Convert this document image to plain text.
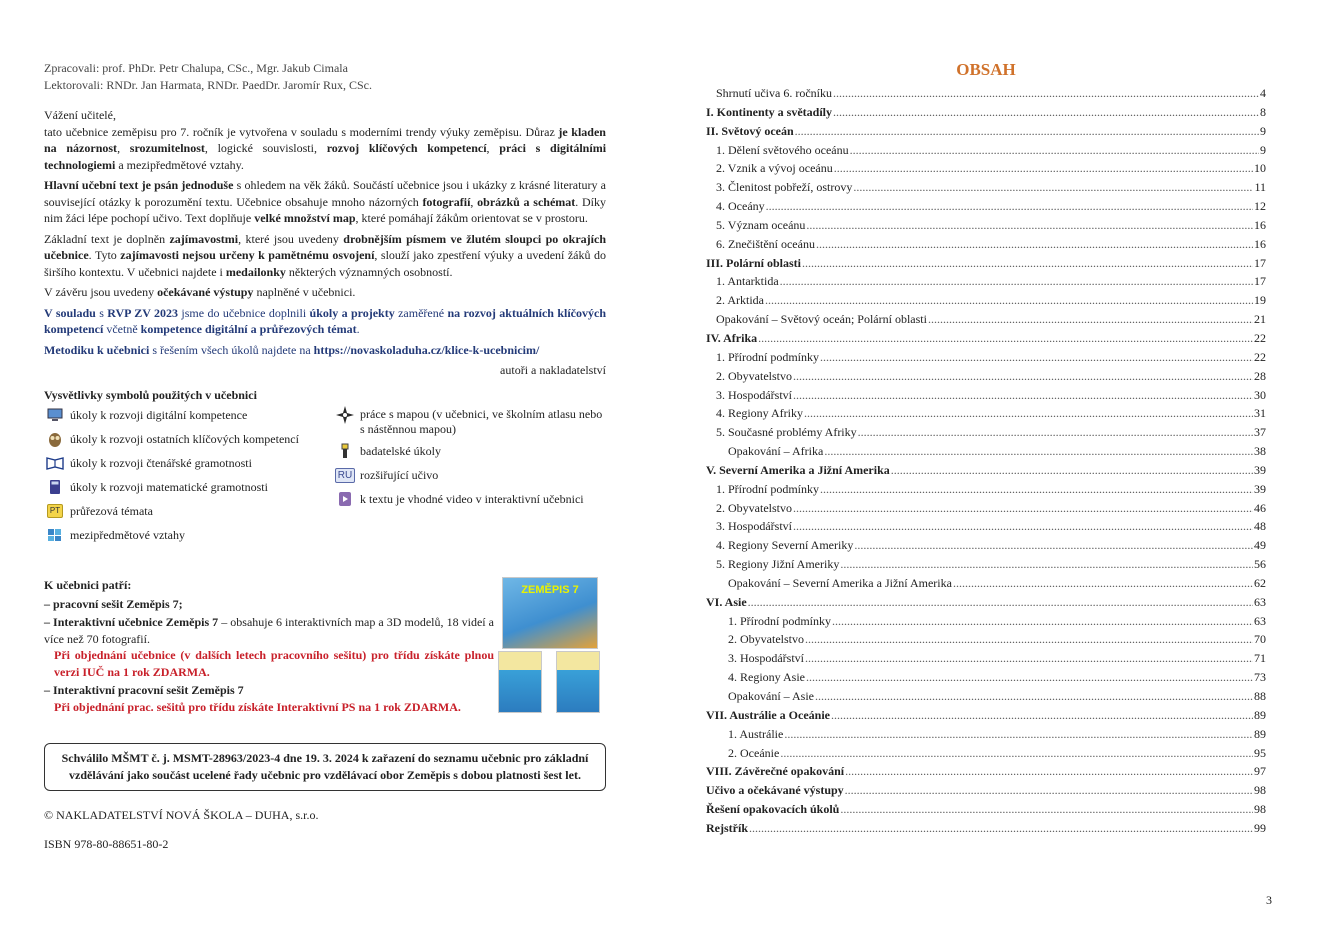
Zpracovali: prof. PhDr. Petr Chalupa, CSc., Mgr. Jakub Cimala
Lektorovali: RNDr. Jan Harmata, RNDr. PaedDr. Jaromír Rux, CSc.
Vážení učitelé,
tato učebnice zeměpisu pro 7. ročník je vytvořena v souladu s moderními trendy výuky zeměpisu. Důraz je kladen na názornost, srozumitelnost, logické souvislosti, rozvoj klíčových kompetencí, práci s digitálními technologiemi a mezipředmětové vztahy.
Hlavní učební text je psán jednoduše s ohledem na věk žáků. Součástí učebnice jsou i ukázky z krásné literatury a související otázky k porozumění textu. Učebnice obsahuje mnoho názorných fotografií, obrázků a schémat. Díky nim žáci lépe pochopí učivo. Text doplňuje velké množství map, které pomáhají žákům orientovat se v prostoru.
Základní text je doplněn zajímavostmi, které jsou uvedeny drobnějším písmem ve žlutém sloupci po okrajích učebnice. Tyto zajímavosti nejsou určeny k pamětnému osvojení, slouží jako zpestření výuky a uvedení žáků do širšího kontextu. V učebnici najdete i medailonky některých významných osobností.
V závěru jsou uvedeny očekávané výstupy naplněné v učebnici.
V souladu s RVP ZV 2023 jsme do učebnice doplnili úkoly a projekty zaměřené na rozvoj aktuálních klíčových kompetencí včetně kompetence digitální a průřezových témat.
Metodiku k učebnici s řešením všech úkolů najdete na https://novaskoladuha.cz/klice-k-ucebnicim/
autoři a nakladatelství
Vysvětlivky symbolů použitých v učebnici
úkoly k rozvoji digitální kompetence
úkoly k rozvoji ostatních klíčových kompetencí
úkoly k rozvoji čtenářské gramotnosti
úkoly k rozvoji matematické gramotnosti
PT průřezová témata
mezipředmětové vztahy
práce s mapou (v učebnici, ve školním atlasu nebo s nástěnnou mapou)
badatelské úkoly
RU rozšiřující učivo
k textu je vhodné video v interaktivní učebnici
K učebnici patří:
– pracovní sešit Zeměpis 7;
– Interaktivní učebnice Zeměpis 7 – obsahuje 6 interaktivních map a 3D modelů, 18 videí a více než 70 fotografií.
Při objednání učebnice (v dalších letech pracovního sešitu) pro třídu získáte plnou verzi IUČ na 1 rok ZDARMA.
– Interaktivní pracovní sešit Zeměpis 7
Při objednání prac. sešitů pro třídu získáte Interaktivní PS na 1 rok ZDARMA.
ZEMĚPIS 7
Schválilo MŠMT č. j. MSMT-28963/2023-4 dne 19. 3. 2024 k zařazení do seznamu učebnic pro základní vzdělávání jako součást ucelené řady učebnic pro vzdělávací obor Zeměpis s dobou platnosti šest let.
© NAKLADATELSTVÍ NOVÁ ŠKOLA – DUHA, s.r.o.
ISBN 978-80-88651-80-2
OBSAH
Shrnutí učiva 6. ročníku .....	4
I. Kontinenty a světadíly .....	8
II. Světový oceán .....	9
1. Dělení světového oceánu .....	9
2. Vznik a vývoj oceánu .....	10
3. Členitost pobřeží, ostrovy .....	11
4. Oceány .....	12
5. Význam oceánu .....	16
6. Znečištění oceánu .....	16
III. Polární oblasti .....	17
1. Antarktida .....	17
2. Arktida .....	19
Opakování – Světový oceán; Polární oblasti .....	21
IV. Afrika .....	22
1. Přírodní podmínky .....	22
2. Obyvatelstvo .....	28
3. Hospodářství .....	30
4. Regiony Afriky .....	31
5. Současné problémy Afriky .....	37
Opakování – Afrika .....	38
V. Severní Amerika a Jižní Amerika .....	39
1. Přírodní podmínky .....	39
2. Obyvatelstvo .....	46
3. Hospodářství .....	48
4. Regiony Severní Ameriky .....	49
5. Regiony Jižní Ameriky .....	56
Opakování – Severní Amerika a Jižní Amerika .....	62
VI. Asie .....	63
1. Přírodní podmínky .....	63
2. Obyvatelstvo .....	70
3. Hospodářství .....	71
4. Regiony Asie .....	73
Opakování – Asie .....	88
VII. Austrálie a Oceánie .....	89
1. Austrálie .....	89
2. Oceánie .....	95
VIII. Závěrečné opakování .....	97
Učivo a očekávané výstupy .....	98
Řešení opakovacích úkolů .....	98
Rejstřík .....	99
3
